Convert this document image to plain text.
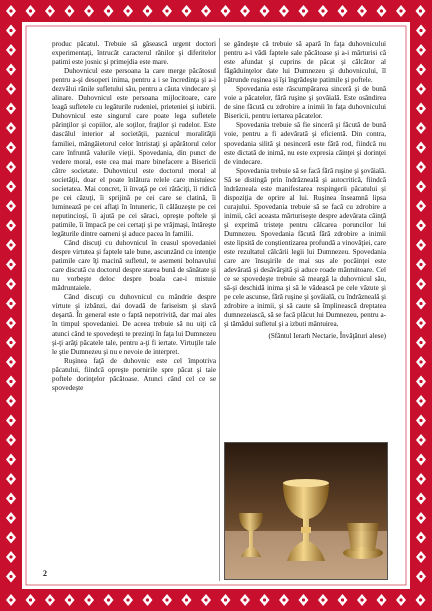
produc păcatul. Trebuie să găsească urgent doctori experimentaţi, întrucât caracterul rănilor şi diferitelor patimi este josnic şi primejdia este mare.

Duhovnicul este persoana la care merge păcătosul pentru a-şi desoperi inima, pentru a i se încredinţa şi a-i dezvălui rănile sufletului său, pentru a căuta vindecare şi alinare. Duhovnicul este persoana mijlocitoare, care leagă sufletele cu legăturile rudeniei, prieteniei şi iubirii. Duhovnicul este singurul care poate lega sufletele părinţilor şi copiilor, ale soţilor, fraţilor şi rudelor. Este dascălul interior al societăţii, paznicul moralităţii familiei, mângâietorul celor întristaţi şi apărătorul celor care înfruntă valurile vieţii. Spovedania, din punct de vedere moral, este cea mai mare binefacere a Bisericii către societate. Duhovnicul este doctorul moral al societăţii, doar el poate înlătura relele care mistuiesc societatea. Mai concret, îi învaţă pe cei rătăciţi, îi ridică pe cei căzuţi, îi sprijină pe cei care se clatină, îi luminează pe cei aflaţi în întuneric, îi călăuzeşte pe cei neputincioşi, îi ajută pe cei săraci, opreşte poftele şi patimile, îi împacă pe cei certaţi şi pe vrăjmaşi, întăreşte legăturile dintre oameni şi aduce pacea în familii.

Când discuţi cu duhovnicul în ceasul spovedaniei despre virtutea şi faptele tale bune, ascunzând cu intenţie patimile care îţi macină sufletul, te asemeni bolnavului care discută cu doctorul despre starea bună de sănătate şi nu vorbeşte deloc despre boala cae-i mistuie mădruntaiele.

Când discuţi cu duhovnicul cu mândrie despre virtute şi izbânzi, dai dovadă de fariseism şi slavă deşartă. În general este o faptă nepotrivită, dar mai ales în timpul spovedaniei. De aceea trebuie să nu uiţi că atunci când te spovedeşti te prezinţi în faţa lui Dumnezeu şi-ţi arăţi păcatele tale, pentru a-ţi fi iertate. Virtuţile tale le ştie Dumnezeu şi nu e nevoie de interpret.

Ruşinea faţă de duhovnic este cel împotriva păcatului, fiindcă opreşte pornirile spre păcat şi taie poftele dorinţelor păcătoase. Atunci când cel ce se spovedeşte

se gândeşte că trebuie să apară în faţa duhovnicului pentru a-i vădi faptele sale păcătoase şi a-i mărturisi că este afundat şi cuprins de păcat şi călcător al făgăduinţelor date lui Dumnezeu şi duhovnicului, îl pătrunde ruşinea şi îşi îngrădeşte patimile şi poftele.

Spovedania este răscumpărarea sinceră şi de bună voie a păcatelor, fără ruşine şi şovăială. Este osândirea de sine făcută cu zdrobire a inimii în faţa duhovnicului Bisericii, pentru iertarea păcatelor.

Spovedania trebuie să fie sinceră şi făcută de bună voie, pentru a fi adevărată şi eficientă. Din contra, spovedania silită şi nesinceră este fără rod, fiindcă nu este dictată de inimă, nu este expresia căinţei şi dorinţei de vindecare.

Spovedania trebuie să se facă fără ruşine şi şovăială. Să se distingă prin îndrăzneală şi autocritică, fiindcă îndrăzneala este manifestarea respingerii păcatului şi dispoziţia de oprire al lui. Ruşinea înseamnă lipsa curajului. Spovedania trebuie să se facă cu zdrobire a inimii, căci aceasta mărturiseşte despre adevărata căinţă şi exprimă tristeţe pentru călcarea poruncilor lui Dumnezeu. Spovedania făcută fără zdrobire a inimii este lipsită de conştientizarea profundă a vinovăţiei, care este rezultatul călcării legii lui Dumnezeu. Spovedania care are însuşirile de mai sus ale pocăinţei este adevărată şi desăvârşită şi aduce roade mântuitoare. Cel ce se spovedeşte trebuie să meargă la duhovnicul său, să-şi deschidă inima şi să le vădească pe cele văzute şi pe cele ascunse, fără ruşine şi şovăială, cu îndrăzneală şi zdrobire a inimii, şi să caute să împlinească dreptatea dumnezeiască, să se facă plăcut lui Dumnezeu, pentru a-şi tămădui sufletul şi a izbuti mântuirea.

(Sfântul Ierarh Nectarie, Învăţături alese)

2
